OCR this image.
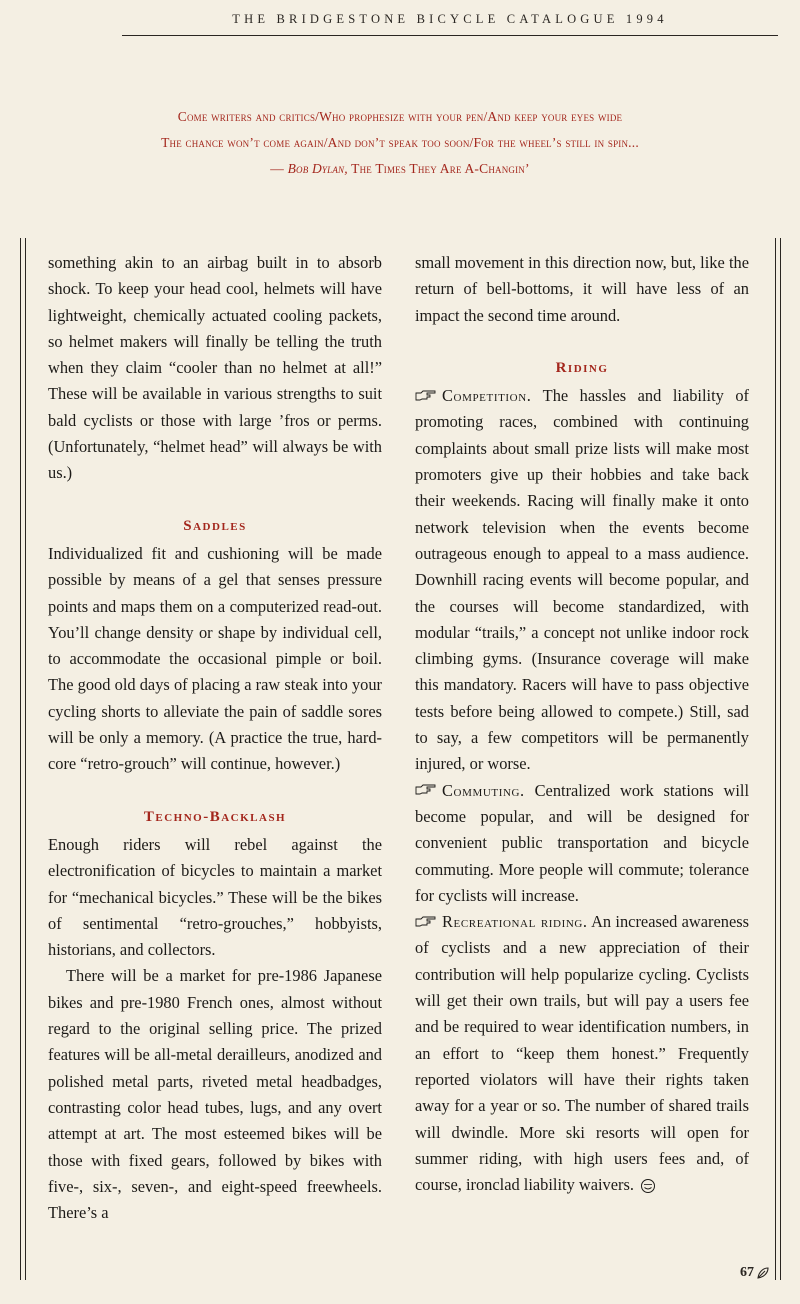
THE BRIDGESTONE BICYCLE CATALOGUE 1994
Come writers and critics/Who prophesize with your pen/And keep your eyes wide
The chance won’t come again/And don’t speak too soon/For the wheel’s still in spin...
— Bob Dylan, The Times They Are A-Changin’

something akin to an airbag built in to absorb shock. To keep your head cool, helmets will have lightweight, chemically actuated cooling packets, so helmet makers will finally be telling the truth when they claim “cooler than no helmet at all!” These will be available in various strengths to suit bald cyclists or those with large ’fros or perms. (Unfortunately, “helmet head” will always be with us.)

Saddles

Individualized fit and cushioning will be made possible by means of a gel that senses pressure points and maps them on a computerized read-out. You’ll change density or shape by individual cell, to accommodate the occasional pimple or boil. The good old days of placing a raw steak into your cycling shorts to alleviate the pain of saddle sores will be only a memory. (A practice the true, hard-core “retro-grouch” will continue, however.)

Techno-Backlash

Enough riders will rebel against the electronification of bicycles to maintain a market for “mechanical bicycles.” These will be the bikes of sentimental “retro-grouches,” hobbyists, historians, and collectors.

There will be a market for pre-1986 Japanese bikes and pre-1980 French ones, almost without regard to the original selling price. The prized features will be all-metal derailleurs, anodized and polished metal parts, riveted metal headbadges, contrasting color head tubes, lugs, and any overt attempt at art. The most esteemed bikes will be those with fixed gears, followed by bikes with five-, six-, seven-, and eight-speed freewheels. There’s a

small movement in this direction now, but, like the return of bell-bottoms, it will have less of an impact the second time around.

Riding

Competition. The hassles and liability of promoting races, combined with continuing complaints about small prize lists will make most promoters give up their hobbies and take back their weekends. Racing will finally make it onto network television when the events become outrageous enough to appeal to a mass audience. Downhill racing events will become popular, and the courses will become standardized, with modular “trails,” a concept not unlike indoor rock climbing gyms. (Insurance coverage will make this mandatory. Racers will have to pass objective tests before being allowed to compete.) Still, sad to say, a few competitors will be permanently injured, or worse.

Commuting. Centralized work stations will become popular, and will be designed for convenient public transportation and bicycle commuting. More people will commute; tolerance for cyclists will increase.

Recreational riding. An increased awareness of cyclists and a new appreciation of their contribution will help popularize cycling. Cyclists will get their own trails, but will pay a users fee and be required to wear identification numbers, in an effort to “keep them honest.” Frequently reported violators will have their rights taken away for a year or so. The number of shared trails will dwindle. More ski resorts will open for summer riding, with high users fees and, of course, ironclad liability waivers.

67
